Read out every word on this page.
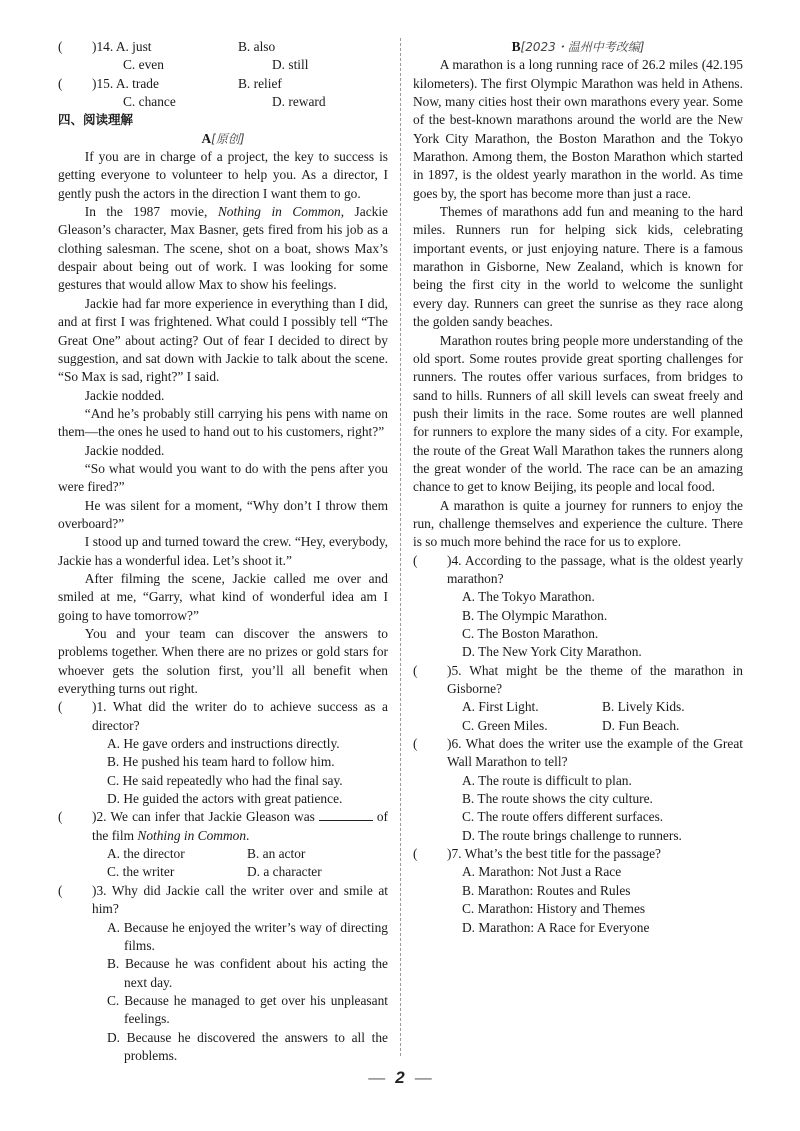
(	)14. A. just	B. also
C. even	D. still
(	)15. A. trade	B. relief
C. chance	D. reward
四、阅读理解
A[原创]

If you are in charge of a project, the key to success is getting everyone to volunteer to help you. As a director, I gently push the actors in the direction I want them to go.

In the 1987 movie, Nothing in Common, Jackie Gleason’s character, Max Basner, gets fired from his job as a clothing salesman. The scene, shot on a boat, shows Max’s despair about being out of work. I was looking for some gestures that would allow Max to show his feelings.

Jackie had far more experience in everything than I did, and at first I was frightened. What could I possibly tell “The Great One” about acting? Out of fear I decided to direct by suggestion, and sat down with Jackie to talk about the scene. “So Max is sad, right?” I said.

Jackie nodded.

“And he’s probably still carrying his pens with name on them—the ones he used to hand out to his customers, right?”

Jackie nodded.

“So what would you want to do with the pens after you were fired?”

He was silent for a moment, “Why don’t I throw them overboard?”

I stood up and turned toward the crew. “Hey, everybody, Jackie has a wonderful idea. Let’s shoot it.”

After filming the scene, Jackie called me over and smiled at me, “Garry, what kind of wonderful idea am I going to have tomorrow?”

You and your team can discover the answers to problems together. When there are no prizes or gold stars for whoever gets the solution first, you’ll all benefit when everything turns out right.

(	)1. What did the writer do to achieve success as a director?
A. He gave orders and instructions directly.
B. He pushed his team hard to follow him.
C. He said repeatedly who had the final say.
D. He guided the actors with great patience.
(	)2. We can infer that Jackie Gleason was	of the film Nothing in Common.
A. the director	B. an actor
C. the writer	D. a character
(	)3. Why did Jackie call the writer over and smile at him?
A. Because he enjoyed the writer’s way of directing films.
B. Because he was confident about his acting the next day.
C. Because he managed to get over his unpleasant feelings.
D. Because he discovered the answers to all the problems.
B[2023・温州中考改编]

A marathon is a long running race of 26.2 miles (42.195 kilometers). The first Olympic Marathon was held in Athens. Now, many cities host their own marathons every year. Some of the best-known marathons around the world are the New York City Marathon, the Boston Marathon and the Tokyo Marathon. Among them, the Boston Marathon which started in 1897, is the oldest yearly marathon in the world. As time goes by, the sport has become more than just a race.

Themes of marathons add fun and meaning to the hard miles. Runners run for helping sick kids, celebrating important events, or just enjoying nature. There is a famous marathon in Gisborne, New Zealand, which is known for being the first city in the world to welcome the sunlight every day. Runners can greet the sunrise as they race along the golden sandy beaches.

Marathon routes bring people more understanding of the old sport. Some routes provide great sporting challenges for runners. The routes offer various surfaces, from bridges to sand to hills. Runners of all skill levels can sweat freely and push their limits in the race. Some routes are well planned for runners to explore the many sides of a city. For example, the route of the Great Wall Marathon takes the runners along the great wonder of the world. The race can be an amazing chance to get to know Beijing, its people and local food.

A marathon is quite a journey for runners to enjoy the run, challenge themselves and experience the culture. There is so much more behind the race for us to explore.

(	)4. According to the passage, what is the oldest yearly marathon?
A. The Tokyo Marathon.
B. The Olympic Marathon.
C. The Boston Marathon.
D. The New York City Marathon.
(	)5. What might be the theme of the marathon in Gisborne?
A. First Light.	B. Lively Kids.
C. Green Miles.	D. Fun Beach.
(	)6. What does the writer use the example of the Great Wall Marathon to tell?
A. The route is difficult to plan.
B. The route shows the city culture.
C. The route offers different surfaces.
D. The route brings challenge to runners.
(	)7. What’s the best title for the passage?
A. Marathon: Not Just a Race
B. Marathon: Routes and Rules
C. Marathon: History and Themes
D. Marathon: A Race for Everyone
— 2 —
